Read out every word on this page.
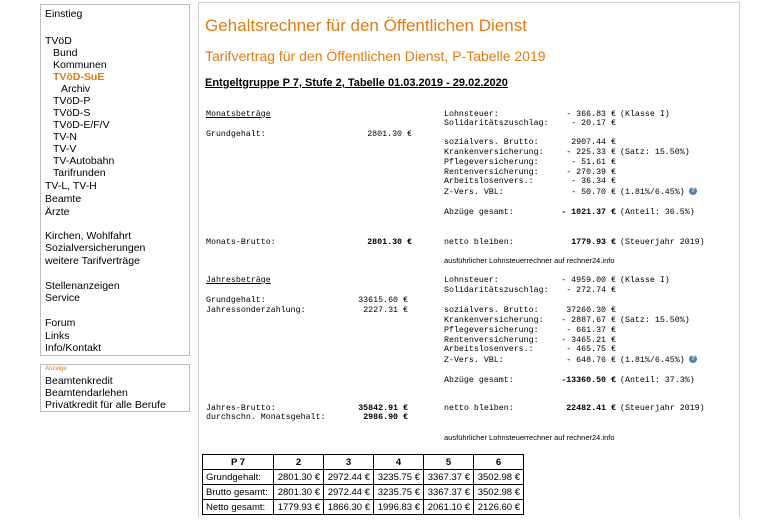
Einstieg
TVöD
Bund
Kommunen
TVöD-SuE
Archiv
TVöD-P
TVöD-S
TVöD-E/F/V
TV-N
TV-V
TV-Autobahn
Tarifrunden
TV-L, TV-H
Beamte
Ärzte
Kirchen, Wohlfahrt
Sozialversicherungen
weitere Tarifverträge
Stellenanzeigen
Service
Forum
Links
Info/Kontakt
Anzeige
Beamtenkredit
Beamtendarlehen
Privatkredit für alle Berufe
Gehaltsrechner für den Öffentlichen Dienst
Tarifvertrag für den Öffentlichen Dienst, P-Tabelle 2019
Entgeltgruppe P 7, Stufe 2, Tabelle 01.03.2019 - 29.02.2020
Monatsbeträge
Grundgehalt:	2801.30 €
Monats-Brutto:	2801.30 €
Lohnsteuer:	- 366.83 € (Klasse I)
Solidaritätszuschlag:	- 20.17 €
sozialvers. Brutto:	2907.44 €
Krankenversicherung:	- 225.33 € (Satz: 15.50%)
Pflegeversicherung:	- 51.61 €
Rentenversicherung:	- 270.39 €
Arbeitslosenvers.:	- 36.34 €
Z-Vers. VBL:	- 50.70 € (1.81%/6.45%) ?
Abzüge gesamt:	- 1021.37 € (Anteil: 36.5%)
netto bleiben:	1779.93 € (Steuerjahr 2019)
ausführlicher Lohnsteuerrechner auf rechner24.info
Jahresbeträge
Grundgehalt:	33615.60 €
Jahressonderzahlung:	2227.31 €
Jahres-Brutto:	35842.91 €
durchschn. Monatsgehalt:	2986.90 €
Lohnsteuer:	- 4959.00 € (Klasse I)
Solidaritätszuschlag:	- 272.74 €
sozialvers. Brutto:	37260.30 €
Krankenversicherung:	- 2887.67 € (Satz: 15.50%)
Pflegeversicherung:	- 661.37 €
Rentenversicherung:	- 3465.21 €
Arbeitslosenvers.:	- 465.75 €
Z-Vers. VBL:	- 648.76 € (1.81%/6.45%) ?
Abzüge gesamt:	-13360.50 € (Anteil: 37.3%)
netto bleiben:	22482.41 € (Steuerjahr 2019)
ausführlicher Lohnsteuerrechner auf rechner24.info
P 7	2	3	4	5	6
Grundgehalt:	2801.30 €	2972.44 €	3235.75 €	3367.37 €	3502.98 €
Brutto gesamt:	2801.30 €	2972.44 €	3235.75 €	3367.37 €	3502.98 €
Netto gesamt:	1779.93 €	1866.30 €	1996.83 €	2061.10 €	2126.60 €
